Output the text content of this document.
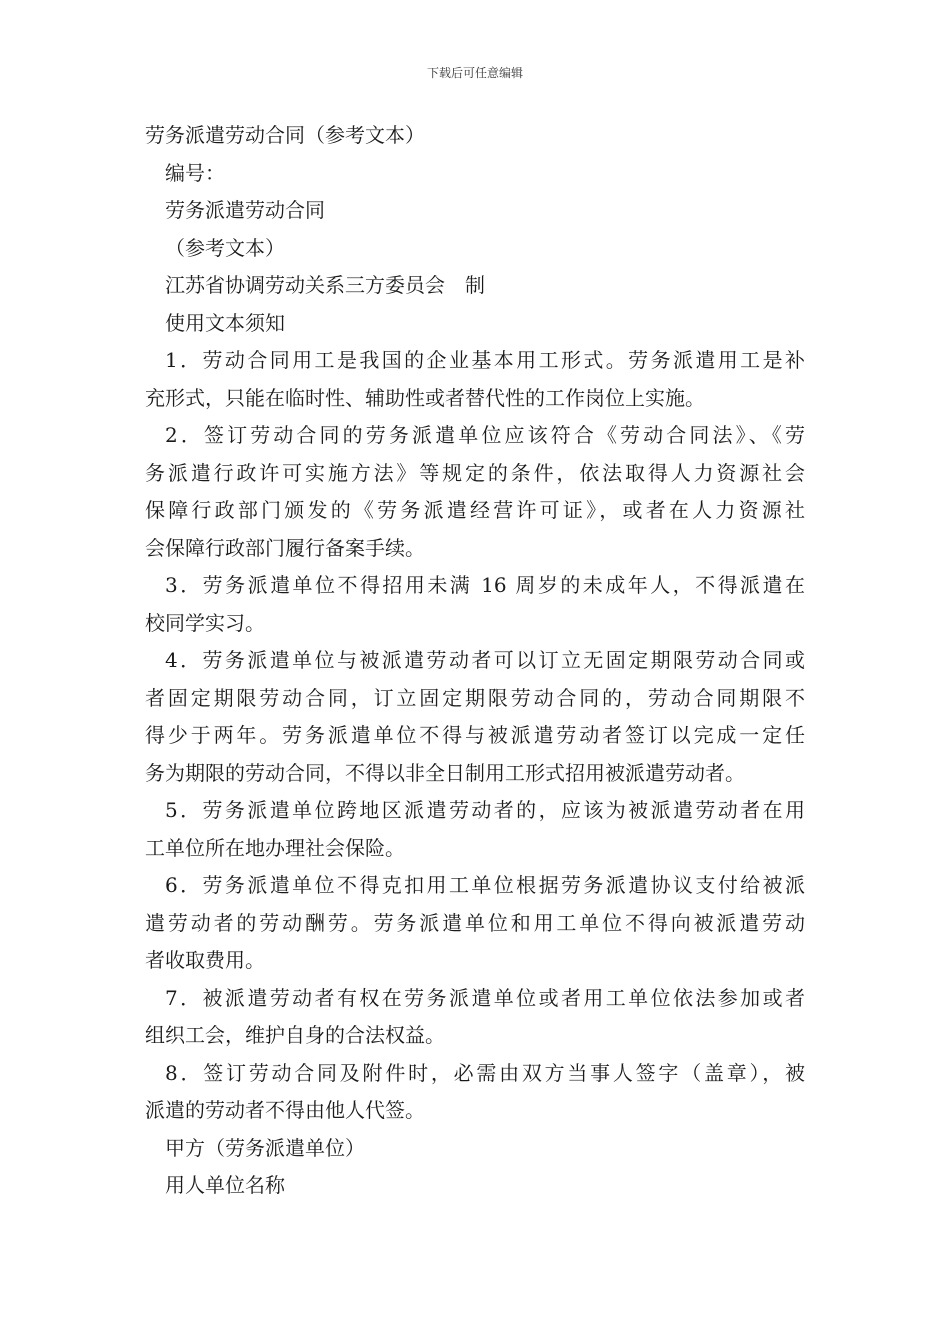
下载后可任意编辑
劳务派遣劳动合同（参考文本）
编号：
劳务派遣劳动合同
（参考文本）
江苏省协调劳动关系三方委员会　制
使用文本须知
1．劳动合同用工是我国的企业基本用工形式。劳务派遣用工是补
充形式，只能在临时性、辅助性或者替代性的工作岗位上实施。
2．签订劳动合同的劳务派遣单位应该符合《劳动合同法》、《劳
务派遣行政许可实施方法》等规定的条件，依法取得人力资源社会
保障行政部门颁发的《劳务派遣经营许可证》，或者在人力资源社
会保障行政部门履行备案手续。
3．劳务派遣单位不得招用未满 16 周岁的未成年人，不得派遣在
校同学实习。
4．劳务派遣单位与被派遣劳动者可以订立无固定期限劳动合同或
者固定期限劳动合同，订立固定期限劳动合同的，劳动合同期限不
得少于两年。劳务派遣单位不得与被派遣劳动者签订以完成一定任
务为期限的劳动合同，不得以非全日制用工形式招用被派遣劳动者。
5．劳务派遣单位跨地区派遣劳动者的，应该为被派遣劳动者在用
工单位所在地办理社会保险。
6．劳务派遣单位不得克扣用工单位根据劳务派遣协议支付给被派
遣劳动者的劳动酬劳。劳务派遣单位和用工单位不得向被派遣劳动
者收取费用。
7．被派遣劳动者有权在劳务派遣单位或者用工单位依法参加或者
组织工会，维护自身的合法权益。
8．签订劳动合同及附件时，必需由双方当事人签字（盖章），被
派遣的劳动者不得由他人代签。
甲方（劳务派遣单位）
用人单位名称
